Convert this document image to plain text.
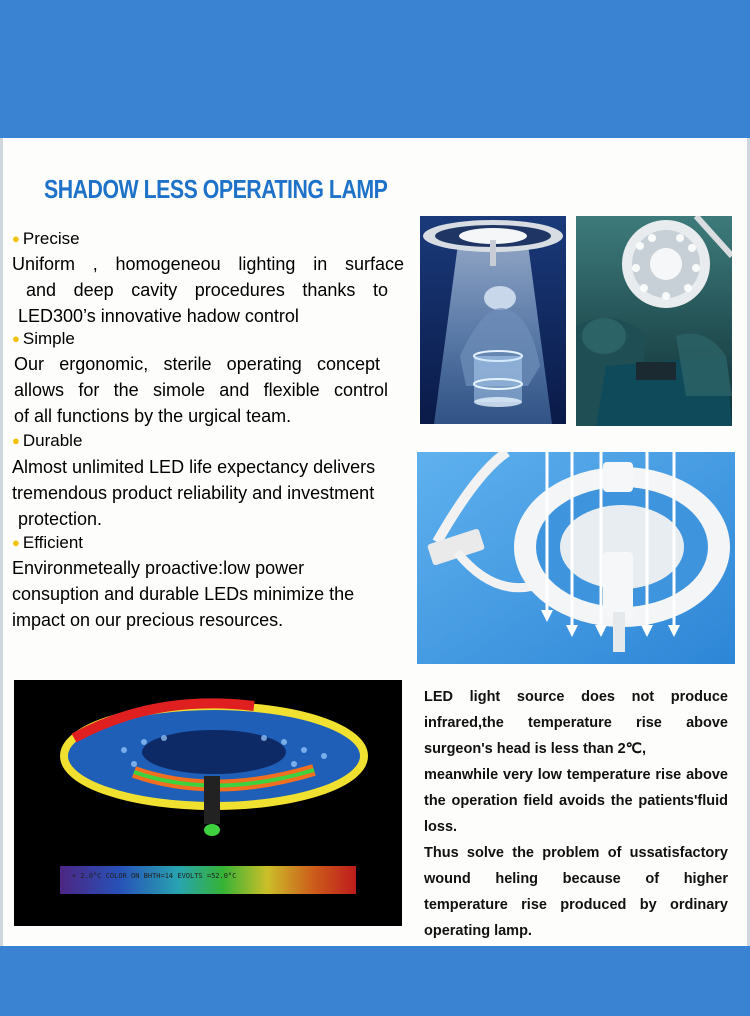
SHADOW LESS OPERATING LAMP
● Precise
Uniform , homogeneou lighting in surface
and deep cavity procedures thanks to
LED300’s innovative hadow control
● Simple
Our ergonomic, sterile operating concept
allows for the simole and flexible control
of all functions by the urgical team.
● Durable
Almost unlimited LED life expectancy delivers
tremendous product reliability and investment
protection.
● Efficient
Environmeteally proactive:low power
consuption and durable LEDs minimize the
impact on our precious resources.
+ 2.0°C COLOR ON BHTH=14 EVOLTS =52.0°C

LED light source does not produce infrared,the temperature rise above surgeon's head is less than 2℃,

meanwhile very low temperature rise above the operation field avoids the patients'fluid loss.

Thus solve the problem of ussatisfactory wound heling because of higher temperature rise produced by ordinary operating lamp.
